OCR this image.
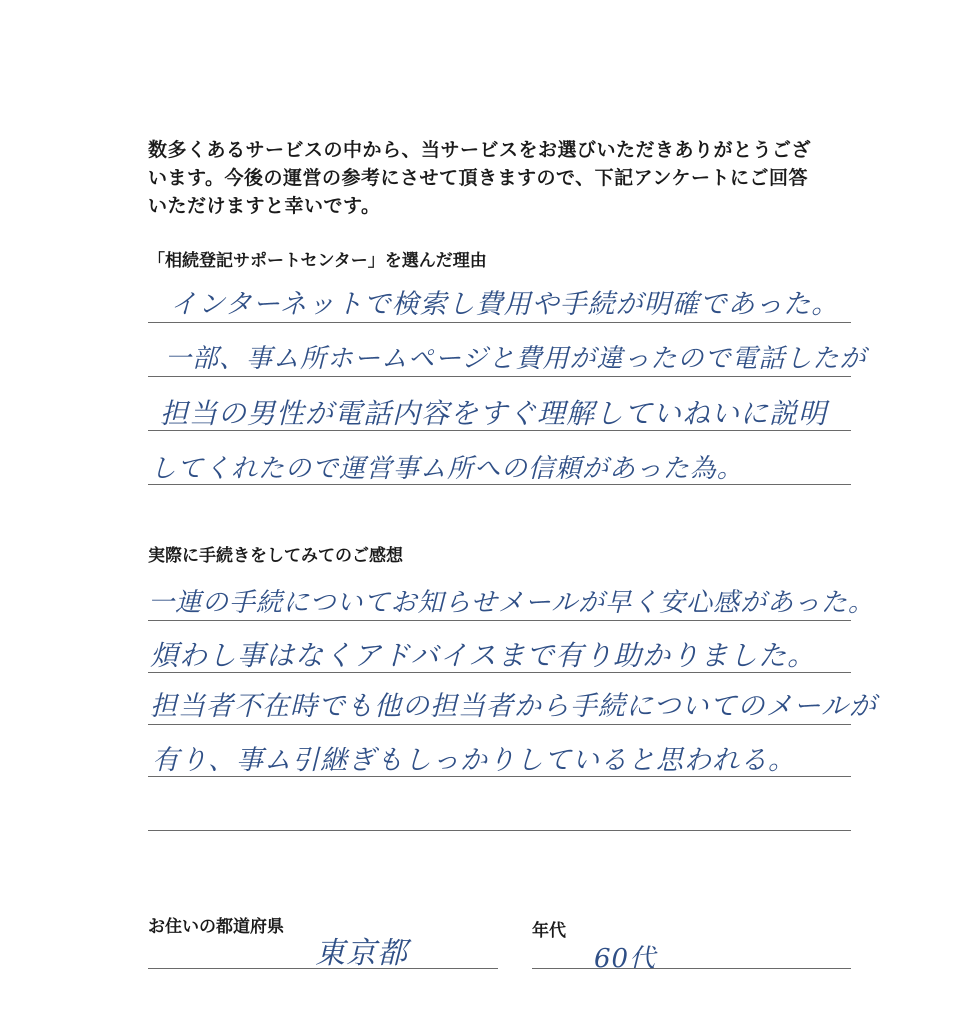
数多くあるサービスの中から、当サービスをお選びいただきありがとうござ
います。今後の運営の参考にさせて頂きますので、下記アンケートにご回答
いただけますと幸いです。
「相続登記サポートセンター」を選んだ理由
インターネットで検索し費用や手続が明確であった。
一部、事ム所ホームページと費用が違ったので電話したが
担当の男性が電話内容をすぐ理解していねいに説明
してくれたので運営事ム所への信頼があった為。
実際に手続きをしてみてのご感想
一連の手続についてお知らせメールが早く安心感があった。
煩わし事はなくアドバイスまで有り助かりました。
担当者不在時でも他の担当者から手続についてのメールが
有り、事ム引継ぎもしっかりしていると思われる。
お住いの都道府県
東京都
年代
60代
